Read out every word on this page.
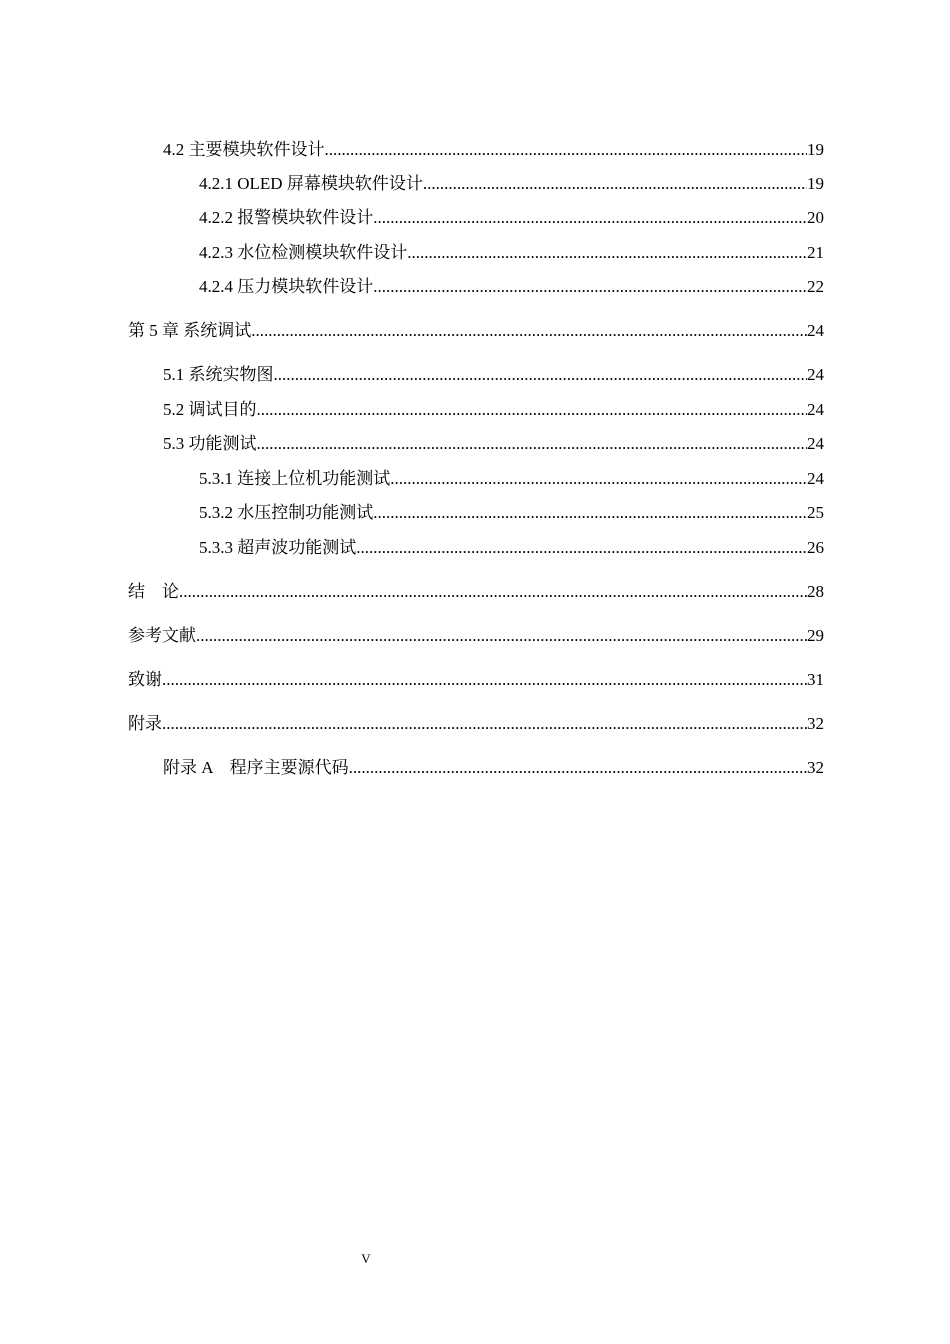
4.2 主要模块软件设计 .....	19
4.2.1 OLED 屏幕模块软件设计 .....	19
4.2.2 报警模块软件设计 .....	20
4.2.3 水位检测模块软件设计 .....	21
4.2.4 压力模块软件设计 .....	22
第 5 章 系统调试 .....	24
5.1 系统实物图 .....	24
5.2 调试目的 .....	24
5.3 功能测试 .....	24
5.3.1 连接上位机功能测试 .....	24
5.3.2 水压控制功能测试 .....	25
5.3.3 超声波功能测试 .....	26
结    论 .....	28
参考文献 .....	29
致谢 .....	31
附录 .....	32
附录 A    程序主要源代码 .....	32
V
